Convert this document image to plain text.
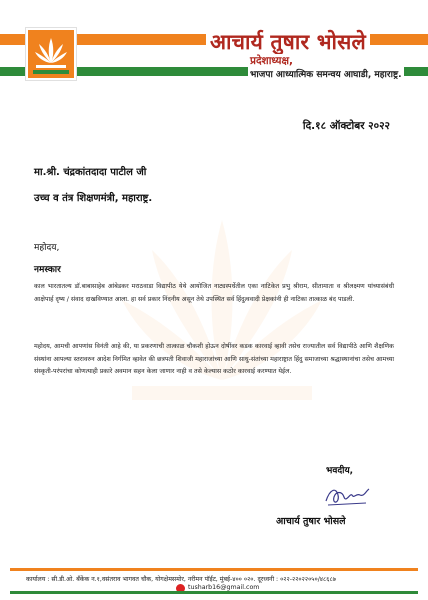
आचार्य तुषार भोसले
प्रदेशाध्यक्ष,
भाजपा आध्यात्मिक समन्वय आघाडी, महाराष्ट्र.
दि.१८ ऑक्टोबर २०२२
मा.श्री. चंद्रकांतदादा पाटील जी
उच्च व तंत्र शिक्षणमंत्री, महाराष्ट्र.
महोदय,
नमस्कार
काल भारतातल्य डॉ.बाबासाहेब आंबेडकर मराठवाडा विद्यापीठ येथे आयोजित नाट्यस्पर्धेतील एका नाटिकेत प्रभु श्रीराम, सीतामाता व श्रीलक्ष्मण यांच्यासंबंधी आक्षेपार्ह दृष्य / संवाद दाखविण्यात आला. हा सर्व प्रकार निंदनीय असून तेथे उपस्थित सर्व हिंदुत्ववादी प्रेक्षकांनी ही नाटिका तात्काळ बंद पाडली.
महोदय, आमची आपणांस विनंती आहे की, या प्रकरणाची तात्काळ चौकशी होऊन दोषींवर कडक कारवाई व्हावी तसेच राज्यातील सर्व विद्यापीठे आणि शैक्षणिक संस्थांना आपल्या स्तरावरुन आदेश निर्गमित व्हावेत की छत्रपती शिवाजी महाराजांच्या आणि साधु-संतांच्या महाराष्ट्रात हिंदु समाजाच्या श्रद्धास्थानांचा तसेच आमच्या संस्कृती-परंपरांचा कोणत्याही प्रकारे अवमान सहन केला जाणार नाही व तसे केल्यास कठोर कारवाई करण्यात येईल.
भवदीय,
आचार्य तुषार भोसले
कार्यालय : सी.डी.ओ. बँकेंक न.१,वसंतराव भागवत चौक, योगक्षेमसमोर, नरीमन पॉईंट, मुंबई-४०० ०२०. दूरध्वनी : ०२२-२२०२२०५०/४८६८७
tusharb16@gmail.com
